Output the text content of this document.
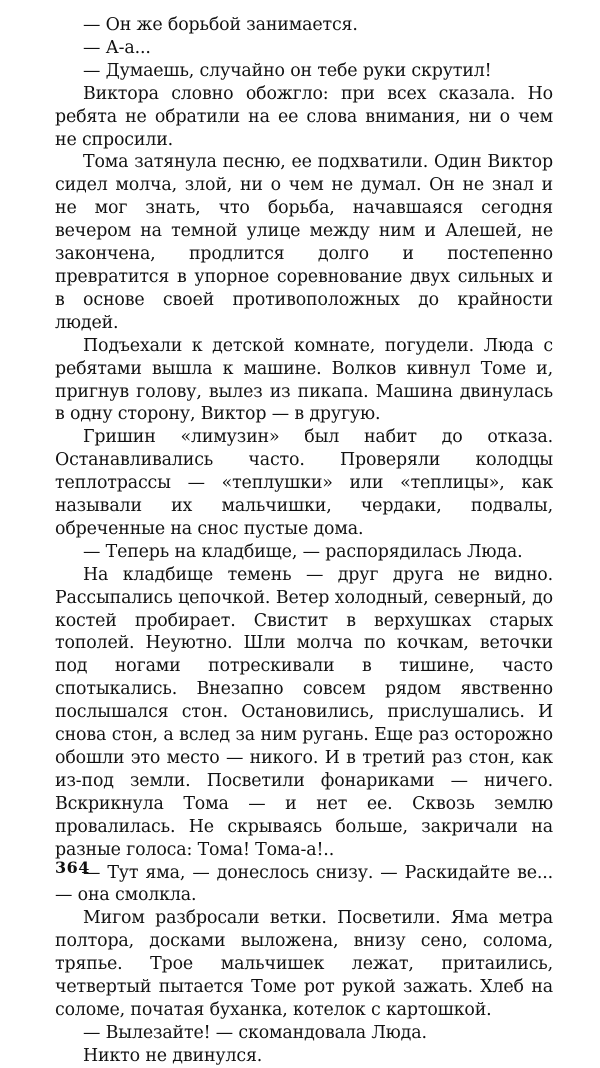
— Он же борьбой занимается.

— А-а...

— Думаешь, случайно он тебе руки скрутил!

Виктора словно обожгло: при всех сказала. Но ребята не обратили на ее слова внимания, ни о чем не спросили.

Тома затянула песню, ее подхватили. Один Виктор сидел молча, злой, ни о чем не думал. Он не знал и не мог знать, что борьба, начавшаяся сегодня вечером на темной улице между ним и Алешей, не закончена, продлится долго и постепенно превратится в упорное соревнование двух сильных и в основе своей противоположных до крайности людей.

Подъехали к детской комнате, погудели. Люда с ребятами вышла к машине. Волков кивнул Томе и, пригнув голову, вылез из пикапа. Машина двинулась в одну сторону, Виктор — в другую.

Гришин «лимузин» был набит до отказа. Останавливались часто. Проверяли колодцы теплотрассы — «теплушки» или «теплицы», как называли их мальчишки, чердаки, подвалы, обреченные на снос пустые дома.

— Теперь на кладбище, — распорядилась Люда.

На кладбище темень — друг друга не видно. Рассыпались цепочкой. Ветер холодный, северный, до костей пробирает. Свистит в верхушках старых тополей. Неуютно. Шли молча по кочкам, веточки под ногами потрескивали в тишине, часто спотыкались. Внезапно совсем рядом явственно послышался стон. Остановились, прислушались. И снова стон, а вслед за ним ругань. Еще раз осторожно обошли это место — никого. И в третий раз стон, как из-под земли. Посветили фонариками — ничего. Вскрикнула Тома — и нет ее. Сквозь землю провалилась. Не скрываясь больше, закричали на разные голоса: Тома! Тома-а!..

— Тут яма, — донеслось снизу. — Раскидайте ве... — она смолкла.

Мигом разбросали ветки. Посветили. Яма метра полтора, досками выложена, внизу сено, солома, тряпье. Трое мальчишек лежат, притаились, четвертый пытается Томе рот рукой зажать. Хлеб на соломе, початая буханка, котелок с картошкой.

— Вылезайте! — скомандовала Люда.

Никто не двинулся.

364
